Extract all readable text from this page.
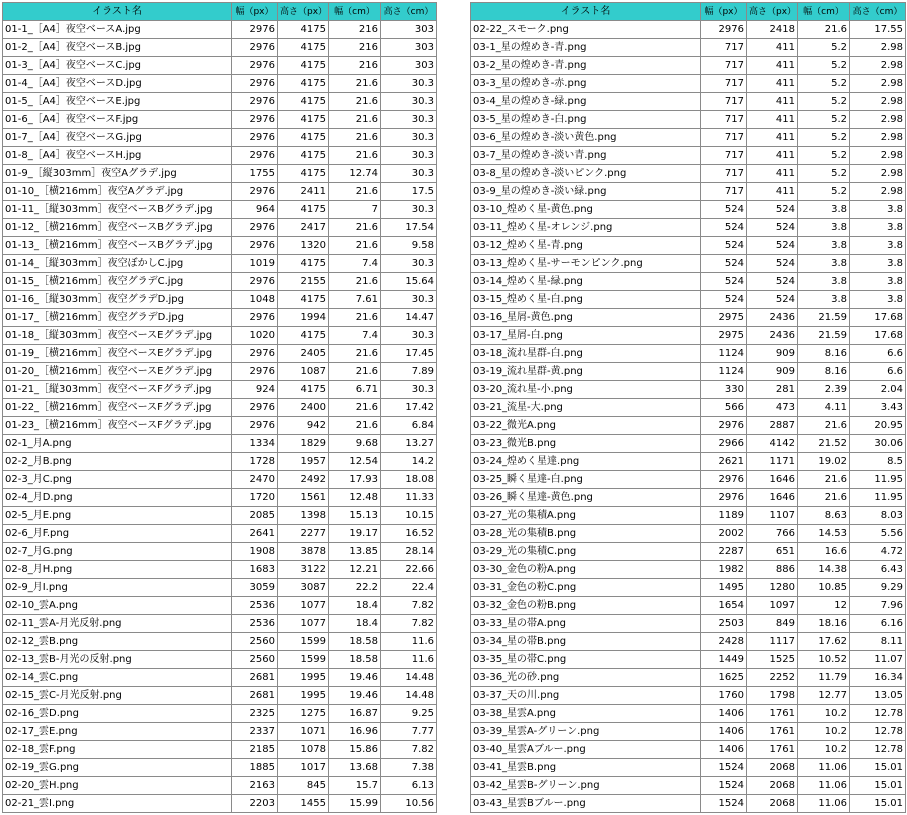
イラスト名	幅（px）	高さ（px）	幅（cm）	高さ（cm）
01-1_［A4］夜空ベースA.jpg	2976	4175	216	303
01-2_［A4］夜空ベースB.jpg	2976	4175	216	303
01-3_［A4］夜空ベースC.jpg	2976	4175	216	303
01-4_［A4］夜空ベースD.jpg	2976	4175	21.6	30.3
01-5_［A4］夜空ベースE.jpg	2976	4175	21.6	30.3
01-6_［A4］夜空ベースF.jpg	2976	4175	21.6	30.3
01-7_［A4］夜空ベースG.jpg	2976	4175	21.6	30.3
01-8_［A4］夜空ベースH.jpg	2976	4175	21.6	30.3
01-9_［縦303mm］夜空Aグラデ.jpg	1755	4175	12.74	30.3
01-10_［横216mm］夜空Aグラデ.jpg	2976	2411	21.6	17.5
01-11_［縦303mm］夜空ベースBグラデ.jpg	964	4175	7	30.3
01-12_［横216mm］夜空ベースBグラデ.jpg	2976	2417	21.6	17.54
01-13_［横216mm］夜空ベースBグラデ.jpg	2976	1320	21.6	9.58
01-14_［縦303mm］夜空ぼかしC.jpg	1019	4175	7.4	30.3
01-15_［横216mm］夜空グラデC.jpg	2976	2155	21.6	15.64
01-16_［縦303mm］夜空グラデD.jpg	1048	4175	7.61	30.3
01-17_［横216mm］夜空グラデD.jpg	2976	1994	21.6	14.47
01-18_［縦303mm］夜空ベースEグラデ.jpg	1020	4175	7.4	30.3
01-19_［横216mm］夜空ベースEグラデ.jpg	2976	2405	21.6	17.45
01-20_［横216mm］夜空ベースEグラデ.jpg	2976	1087	21.6	7.89
01-21_［縦303mm］夜空ベースFグラデ.jpg	924	4175	6.71	30.3
01-22_［横216mm］夜空ベースFグラデ.jpg	2976	2400	21.6	17.42
01-23_［横216mm］夜空ベースFグラデ.jpg	2976	942	21.6	6.84
02-1_月A.png	1334	1829	9.68	13.27
02-2_月B.png	1728	1957	12.54	14.2
02-3_月C.png	2470	2492	17.93	18.08
02-4_月D.png	1720	1561	12.48	11.33
02-5_月E.png	2085	1398	15.13	10.15
02-6_月F.png	2641	2277	19.17	16.52
02-7_月G.png	1908	3878	13.85	28.14
02-8_月H.png	1683	3122	12.21	22.66
02-9_月I.png	3059	3087	22.2	22.4
02-10_雲A.png	2536	1077	18.4	7.82
02-11_雲A-月光反射.png	2536	1077	18.4	7.82
02-12_雲B.png	2560	1599	18.58	11.6
02-13_雲B-月光の反射.png	2560	1599	18.58	11.6
02-14_雲C.png	2681	1995	19.46	14.48
02-15_雲C-月光反射.png	2681	1995	19.46	14.48
02-16_雲D.png	2325	1275	16.87	9.25
02-17_雲E.png	2337	1071	16.96	7.77
02-18_雲F.png	2185	1078	15.86	7.82
02-19_雲G.png	1885	1017	13.68	7.38
02-20_雲H.png	2163	845	15.7	6.13
02-21_雲I.png	2203	1455	15.99	10.56
イラスト名	幅（px）	高さ（px）	幅（cm）	高さ（cm）
02-22_スモーク.png	2976	2418	21.6	17.55
03-1_星の煌めき-青.png	717	411	5.2	2.98
03-2_星の煌めき-青.png	717	411	5.2	2.98
03-3_星の煌めき-赤.png	717	411	5.2	2.98
03-4_星の煌めき-緑.png	717	411	5.2	2.98
03-5_星の煌めき-白.png	717	411	5.2	2.98
03-6_星の煌めき-淡い黄色.png	717	411	5.2	2.98
03-7_星の煌めき-淡い青.png	717	411	5.2	2.98
03-8_星の煌めき-淡いピンク.png	717	411	5.2	2.98
03-9_星の煌めき-淡い緑.png	717	411	5.2	2.98
03-10_煌めく星-黄色.png	524	524	3.8	3.8
03-11_煌めく星-オレンジ.png	524	524	3.8	3.8
03-12_煌めく星-青.png	524	524	3.8	3.8
03-13_煌めく星-サーモンピンク.png	524	524	3.8	3.8
03-14_煌めく星-緑.png	524	524	3.8	3.8
03-15_煌めく星-白.png	524	524	3.8	3.8
03-16_星屑-黄色.png	2975	2436	21.59	17.68
03-17_星屑-白.png	2975	2436	21.59	17.68
03-18_流れ星群-白.png	1124	909	8.16	6.6
03-19_流れ星群-黄.png	1124	909	8.16	6.6
03-20_流れ星-小.png	330	281	2.39	2.04
03-21_流星-大.png	566	473	4.11	3.43
03-22_微光A.png	2976	2887	21.6	20.95
03-23_微光B.png	2966	4142	21.52	30.06
03-24_煌めく星達.png	2621	1171	19.02	8.5
03-25_瞬く星達-白.png	2976	1646	21.6	11.95
03-26_瞬く星達-黄色.png	2976	1646	21.6	11.95
03-27_光の集積A.png	1189	1107	8.63	8.03
03-28_光の集積B.png	2002	766	14.53	5.56
03-29_光の集積C.png	2287	651	16.6	4.72
03-30_金色の粉A.png	1982	886	14.38	6.43
03-31_金色の粉C.png	1495	1280	10.85	9.29
03-32_金色の粉B.png	1654	1097	12	7.96
03-33_星の帯A.png	2503	849	18.16	6.16
03-34_星の帯B.png	2428	1117	17.62	8.11
03-35_星の帯C.png	1449	1525	10.52	11.07
03-36_光の砂.png	1625	2252	11.79	16.34
03-37_天の川.png	1760	1798	12.77	13.05
03-38_星雲A.png	1406	1761	10.2	12.78
03-39_星雲A-グリーン.png	1406	1761	10.2	12.78
03-40_星雲Aブルー.png	1406	1761	10.2	12.78
03-41_星雲B.png	1524	2068	11.06	15.01
03-42_星雲B-グリーン.png	1524	2068	11.06	15.01
03-43_星雲Bブルー.png	1524	2068	11.06	15.01
